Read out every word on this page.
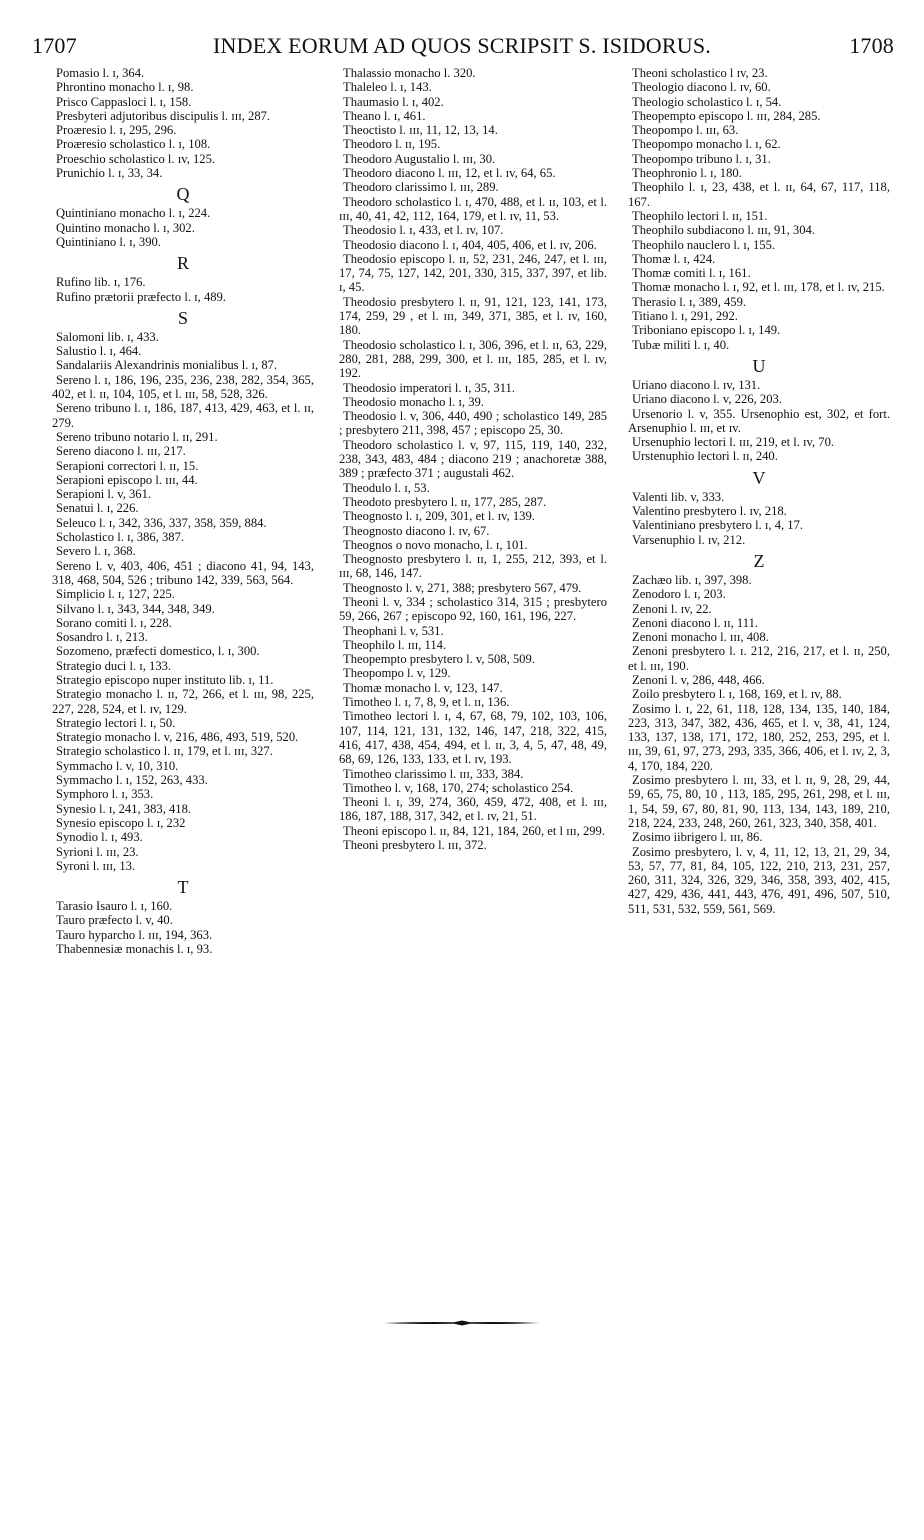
1707	INDEX EORUM AD QUOS SCRIPSIT S. ISIDORUS.	1708
Pomasio l. ɪ, 364.
Phrontino monacho l. ɪ, 98.
Prisco Cappasloci l. ɪ, 158.
Presbyteri adjutoribus discipulis l. ɪɪɪ, 287.
Proæresio l. ɪ, 295, 296.
Proæresio scholastico l. ɪ, 108.
Proeschio scholastico l. ɪv, 125.
Prunichio l. ɪ, 33, 34.
Q
Quintiniano monacho l. ɪ, 224.
Quintino monacho l. ɪ, 302.
Quintiniano l. ɪ, 390.
R
Rufino lib. ɪ, 176.
Rufino prætorii præfecto l. ɪ, 489.
S
Salomoni lib. ɪ, 433.
Salustio l. ɪ, 464.
Sandalariis Alexandrinis monialibus l. ɪ, 87.
Sereno l. ɪ, 186, 196, 235, 236, 238, 282, 354, 365, 402, et l. ɪɪ, 104, 105, et l. ɪɪɪ, 58, 528, 326.
Sereno tribuno l. ɪ, 186, 187, 413, 429, 463, et l. ɪɪ, 279.
Sereno tribuno notario l. ɪɪ, 291.
Sereno diacono l. ɪɪɪ, 217.
Serapioni correctori l. ɪɪ, 15.
Serapioni episcopo l. ɪɪɪ, 44.
Serapioni l. v, 361.
Senatui l. ɪ, 226.
Seleuco l. ɪ, 342, 336, 337, 358, 359, 884.
Scholastico l. ɪ, 386, 387.
Severo l. ɪ, 368.
Sereno l. v, 403, 406, 451 ; diacono 41, 94, 143, 318, 468, 504, 526 ; tribuno 142, 339, 563, 564.
Simplicio l. ɪ, 127, 225.
Silvano l. ɪ, 343, 344, 348, 349.
Sorano comiti l. ɪ, 228.
Sosandro l. ɪ, 213.
Sozomeno, præfecti domestico, l. ɪ, 300.
Strategio duci l. ɪ, 133.
Strategio episcopo nuper instituto lib. ɪ, 11.
Strategio monacho l. ɪɪ, 72, 266, et l. ɪɪɪ, 98, 225, 227, 228, 524, et l. ɪv, 129.
Strategio lectori l. ɪ, 50.
Strategio monacho l. v, 216, 486, 493, 519, 520.
Strategio scholastico l. ɪɪ, 179, et l. ɪɪɪ, 327.
Symmacho l. v, 10, 310.
Symmacho l. ɪ, 152, 263, 433.
Symphoro l. ɪ, 353.
Synesio l. ɪ, 241, 383, 418.
Synesio episcopo l. ɪ, 232
Synodio l. ɪ, 493.
Syrioni l. ɪɪɪ, 23.
Syroni l. ɪɪɪ, 13.
T
Tarasio Isauro l. ɪ, 160.
Tauro præfecto l. v, 40.
Tauro hyparcho l. ɪɪɪ, 194, 363.
Thabennesiæ monachis l. ɪ, 93.
Thalassio monacho l. 320.
Thaleleo l. ɪ, 143.
Thaumasio l. ɪ, 402.
Theano l. ɪ, 461.
Theoctisto l. ɪɪɪ, 11, 12, 13, 14.
Theodoro l. ɪɪ, 195.
Theodoro Augustalio l. ɪɪɪ, 30.
Theodoro diacono l. ɪɪɪ, 12, et l. ɪv, 64, 65.
Theodoro clarissimo l. ɪɪɪ, 289.
Theodoro scholastico l. ɪ, 470, 488, et l. ɪɪ, 103, et l. ɪɪɪ, 40, 41, 42, 112, 164, 179, et l. ɪv, 11, 53.
Theodosio l. ɪ, 433, et l. ɪv, 107.
Theodosio diacono l. ɪ, 404, 405, 406, et l. ɪv, 206.
Theodosio episcopo l. ɪɪ, 52, 231, 246, 247, et l. ɪɪɪ, 17, 74, 75, 127, 142, 201, 330, 315, 337, 397, et lib. ɪ, 45.
Theodosio presbytero l. ɪɪ, 91, 121, 123, 141, 173, 174, 259, 29 , et l. ɪɪɪ, 349, 371, 385, et l. ɪv, 160, 180.
Theodosio scholastico l. ɪ, 306, 396, et l. ɪɪ, 63, 229, 280, 281, 288, 299, 300, et l. ɪɪɪ, 185, 285, et l. ɪv, 192.
Theodosio imperatori l. ɪ, 35, 311.
Theodosio monacho l. ɪ, 39.
Theodosio l. v, 306, 440, 490 ; scholastico 149, 285 ; presbytero 211, 398, 457 ; episcopo 25, 30.
Theodoro scholastico l. v, 97, 115, 119, 140, 232, 238, 343, 483, 484 ; diacono 219 ; anachoretæ 388, 389 ; præfecto 371 ; augustali 462.
Theodulo l. ɪ, 53.
Theodoto presbytero l. ɪɪ, 177, 285, 287.
Theognosto l. ɪ, 209, 301, et l. ɪv, 139.
Theognosto diacono l. ɪv, 67.
Theognos o novo monacho, l. ɪ, 101.
Theognosto presbytero l. ɪɪ, 1, 255, 212, 393, et l. ɪɪɪ, 68, 146, 147.
Theognosto l. v, 271, 388; presbytero 567, 479.
Theoni l. v, 334 ; scholastico 314, 315 ; presbytero 59, 266, 267 ; episcopo 92, 160, 161, 196, 227.
Theophani l. v, 531.
Theophilo l. ɪɪɪ, 114.
Theopempto presbytero l. v, 508, 509.
Theopompo l. v, 129.
Thomæ monacho l. v, 123, 147.
Timotheo l. ɪ, 7, 8, 9, et l. ɪɪ, 136.
Timotheo lectori l. ɪ, 4, 67, 68, 79, 102, 103, 106, 107, 114, 121, 131, 132, 146, 147, 218, 322, 415, 416, 417, 438, 454, 494, et l. ɪɪ, 3, 4, 5, 47, 48, 49, 68, 69, 126, 133, 133, et l. ɪv, 193.
Timotheo clarissimo l. ɪɪɪ, 333, 384.
Timotheo l. v, 168, 170, 274; scholastico 254.
Theoni l. ɪ, 39, 274, 360, 459, 472, 408, et l. ɪɪɪ, 186, 187, 188, 317, 342, et l. ɪv, 21, 51.
Theoni episcopo l. ɪɪ, 84, 121, 184, 260, et l ɪɪɪ, 299.
Theoni presbytero l. ɪɪɪ, 372.
Theoni scholastico l ɪv, 23.
Theologio diacono l. ɪv, 60.
Theologio scholastico l. ɪ, 54.
Theopempto episcopo l. ɪɪɪ, 284, 285.
Theopompo l. ɪɪɪ, 63.
Theopompo monacho l. ɪ, 62.
Theopompo tribuno l. ɪ, 31.
Theophronio l. ɪ, 180.
Theophilo l. ɪ, 23, 438, et l. ɪɪ, 64, 67, 117, 118, 167.
Theophilo lectori l. ɪɪ, 151.
Theophilo subdiacono l. ɪɪɪ, 91, 304.
Theophilo nauclero l. ɪ, 155.
Thomæ l. ɪ, 424.
Thomæ comiti l. ɪ, 161.
Thomæ monacho l. ɪ, 92, et l. ɪɪɪ, 178, et l. ɪv, 215.
Therasio l. ɪ, 389, 459.
Titiano l. ɪ, 291, 292.
Triboniano episcopo l. ɪ, 149.
Tubæ militi l. ɪ, 40.
U
Uriano diacono l. ɪv, 131.
Uriano diacono l. v, 226, 203.
Ursenorio l. v, 355. Ursenophio est, 302, et fort. Arsenuphio l. ɪɪɪ, et ɪv.
Ursenuphio lectori l. ɪɪɪ, 219, et l. ɪv, 70.
Urstenuphio lectori l. ɪɪ, 240.
V
Valenti lib. v, 333.
Valentino presbytero l. ɪv, 218.
Valentiniano presbytero l. ɪ, 4, 17.
Varsenuphio l. ɪv, 212.
Z
Zachæo lib. ɪ, 397, 398.
Zenodoro l. ɪ, 203.
Zenoni l. ɪv, 22.
Zenoni diacono l. ɪɪ, 111.
Zenoni monacho l. ɪɪɪ, 408.
Zenoni presbytero l. ɪ. 212, 216, 217, et l. ɪɪ, 250, et l. ɪɪɪ, 190.
Zenoni l. v, 286, 448, 466.
Zoilo presbytero l. ɪ, 168, 169, et l. ɪv, 88.
Zosimo l. ɪ, 22, 61, 118, 128, 134, 135, 140, 184, 223, 313, 347, 382, 436, 465, et l. v, 38, 41, 124, 133, 137, 138, 171, 172, 180, 252, 253, 295, et l. ɪɪɪ, 39, 61, 97, 273, 293, 335, 366, 406, et l. ɪv, 2, 3, 4, 170, 184, 220.
Zosimo presbytero l. ɪɪɪ, 33, et l. ɪɪ, 9, 28, 29, 44, 59, 65, 75, 80, 10 , 113, 185, 295, 261, 298, et l. ɪɪɪ, 1, 54, 59, 67, 80, 81, 90, 113, 134, 143, 189, 210, 218, 224, 233, 248, 260, 261, 323, 340, 358, 401.
Zosimo iibrigero l. ɪɪɪ, 86.
Zosimo presbytero, l. v, 4, 11, 12, 13, 21, 29, 34, 53, 57, 77, 81, 84, 105, 122, 210, 213, 231, 257, 260, 311, 324, 326, 329, 346, 358, 393, 402, 415, 427, 429, 436, 441, 443, 476, 491, 496, 507, 510, 511, 531, 532, 559, 561, 569.
